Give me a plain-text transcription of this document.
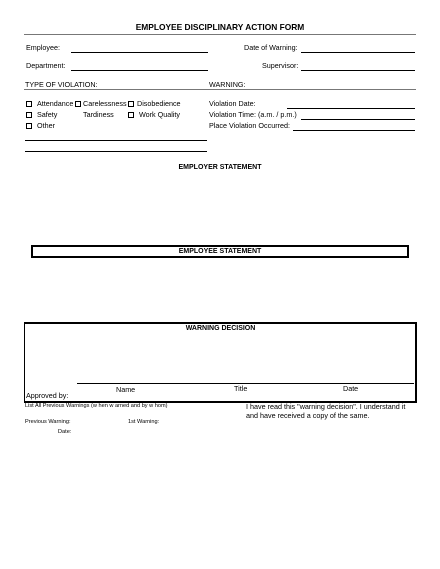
EMPLOYEE DISCIPLINARY ACTION FORM
Employee:	Date of Warning:
Department:	Supervisor:
TYPE OF VIOLATION:	WARNING:
Attendance Carelessness Disobedience
Safety	Tardiness	Work Quality
Other
Violation Date:
Violation Time: (a.m. / p.m.)
Place Violation Occurred:
EMPLOYER STATEMENT
EMPLOYEE STATEMENT
WARNING DECISION
Approved by:
Name	Title	Date
List All Previous Warnings (w hen w arned and by w hom)	I have read this "warning decision". I understand it
and have received a copy of the same.
Previous Warning:	1st Warning:
Date:
